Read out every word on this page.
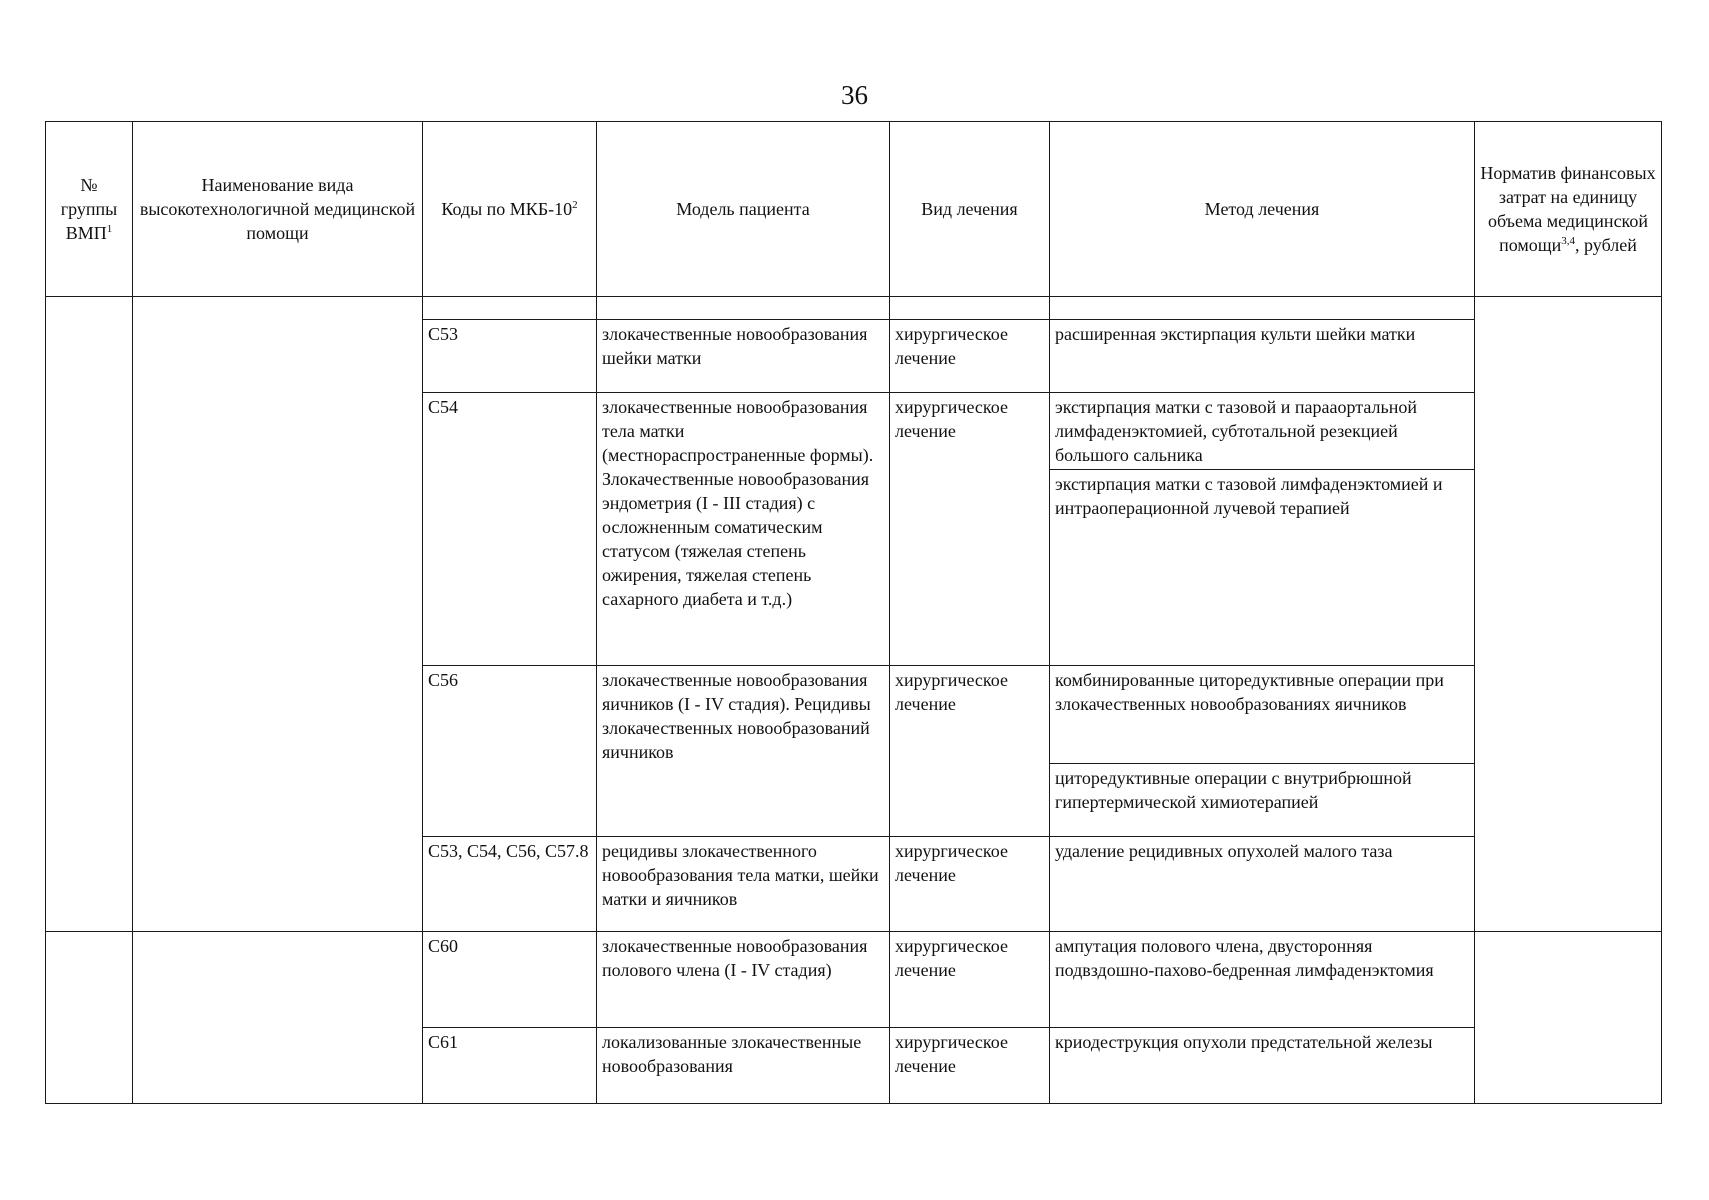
36
№ группы ВМП$^1$	Наименование вида высокотехнологичной медицинской помощи	Коды по МКБ-$10^2$	Модель пациента	Вид лечения	Метод лечения	Норматив финансовых затрат на единицу объема медицинской помощи$^{3,4}$, рублей

		C53	злокачественные новообразования шейки матки	хирургическое лечение	расширенная экстирпация культи шейки матки	
		C54	злокачественные новообразования тела матки (местнораспространенные формы). Злокачественные новообразования эндометрия (I - III стадия) с осложненным соматическим статусом (тяжелая степень ожирения, тяжелая степень сахарного диабета и т.д.)	хирургическое лечение	экстирпация матки с тазовой и парааортальной лимфаденэктомией, субтотальной резекцией большого сальника	
					экстирпация матки с тазовой лимфаденэктомией и интраоперационной лучевой терапией	
		C56	злокачественные новообразования яичников (I - IV стадия). Рецидивы злокачественных новообразований яичников	хирургическое лечение	комбинированные циторедуктивные операции при злокачественных новообразованиях яичников	
					циторедуктивные операции с внутрибрюшной гипертермической химиотерапией	
		C53, C54, C56, C57.8	рецидивы злокачественного новообразования тела матки, шейки матки и яичников	хирургическое лечение	удаление рецидивных опухолей малого таза	
		C60	злокачественные новообразования полового члена (I - IV стадия)	хирургическое лечение	ампутация полового члена, двусторонняя подвздошно-пахово-бедренная лимфаденэктомия	
		C61	локализованные злокачественные новообразования	хирургическое лечение	криодеструкция опухоли предстательной железы	
